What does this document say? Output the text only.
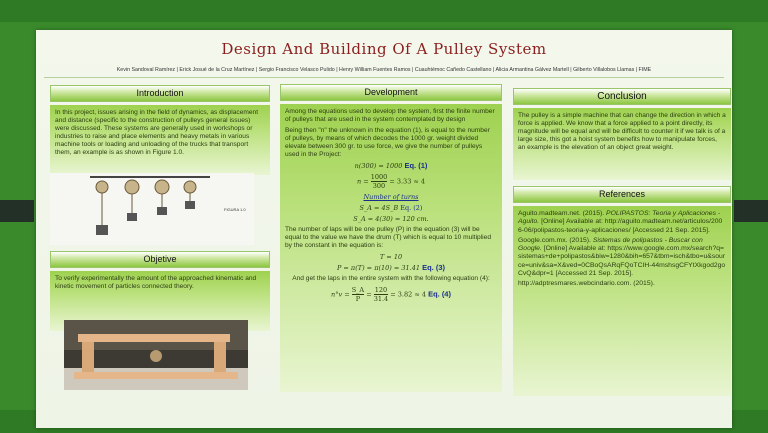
Design And Building Of A Pulley System
Kevin Sandoval Ramírez | Erick Josué de la Cruz Martínez | Sergio Francisco Velasco Pulido | Henry William Fuentes Ramos | Cuauhtémoc Cañedo Castellano | Alicia Armantina Gálvez Martell | Gilberto Villalobos Llamas | FIME
Introduction
In this project, issues arising in the field of dynamics, as displacement and distance (specific to the construction of pulleys general issues) were discussed. These systems are generally used in workshops or industries to raise and place elements and heavy metals in various machine tools or loading and unloading of the trucks that transport them, an example is as shown in Figure 1.0.
FIGURA 1.0
Objetive
To verify experimentally the amount of the approached kinematic and kinetic movement of particles connected theory.
Development

Among the equations used to develop the system, first the finite number of pulleys that are used in the system contemplated by design

Being then "n" the unknown in the equation (1), is equal to the number of pulleys, by means of which decodes the 1000 gr. weight divided elevate between 300 gr. to use force, we give the number of pulleys used in the Project:

n(300) = 1000 Eq. (1)
$n = \frac{1000}{300} = 3.33 \approx 4$
Number of turns
S_A = 4S_B Eq. (2)
S_A = 4(30) = 120 cm.

The number of laps will be one pulley (P) in the equation (3) will be equal to the value we have the drum (T) which is equal to 10 multiplied by the constant in the equation is:

T = 10
P = π(T) = π(10) = 31.41 Eq. (3)

And get the laps in the entire system with the following equation (4):

$n^\circ v = \frac{S\_A}{P} = \frac{120}{31.4} = 3.82 \approx 4$ Eq. (4)
Conclusion
The pulley is a simple machine that can change the direction in which a force is applied. We know that a force applied to a point directly, its magnitude will be equal and will be difficult to counter it if we talk is of a large size, this got a hoist system benefits how to manipulate forces, an example is the elevation of an object great weight.
References

Aguito.madteam.net. (2015). POLIPASTOS: Teoria y Aplicaciones - Aguito. [Online] Available at: http://aguito.madteam.net/articulos/2006-06/polipastos-teoria-y-aplicaciones/ [Accessed 21 Sep. 2015].

Google.com.mx. (2015). Sistemas de polipastos - Buscar con Google. [Online] Available at: https://www.google.com.mx/search?q=sistemas+de+polipastos&biw=1280&bih=657&tbm=isch&tbo=u&source=univ&sa=X&ved=0CBoQsARqFQoTCIH-44mshsgCFYtXkgod2goCvQ&dpr=1 [Accessed 21 Sep. 2015].

http://adptresmares.webcindario.com. (2015).
